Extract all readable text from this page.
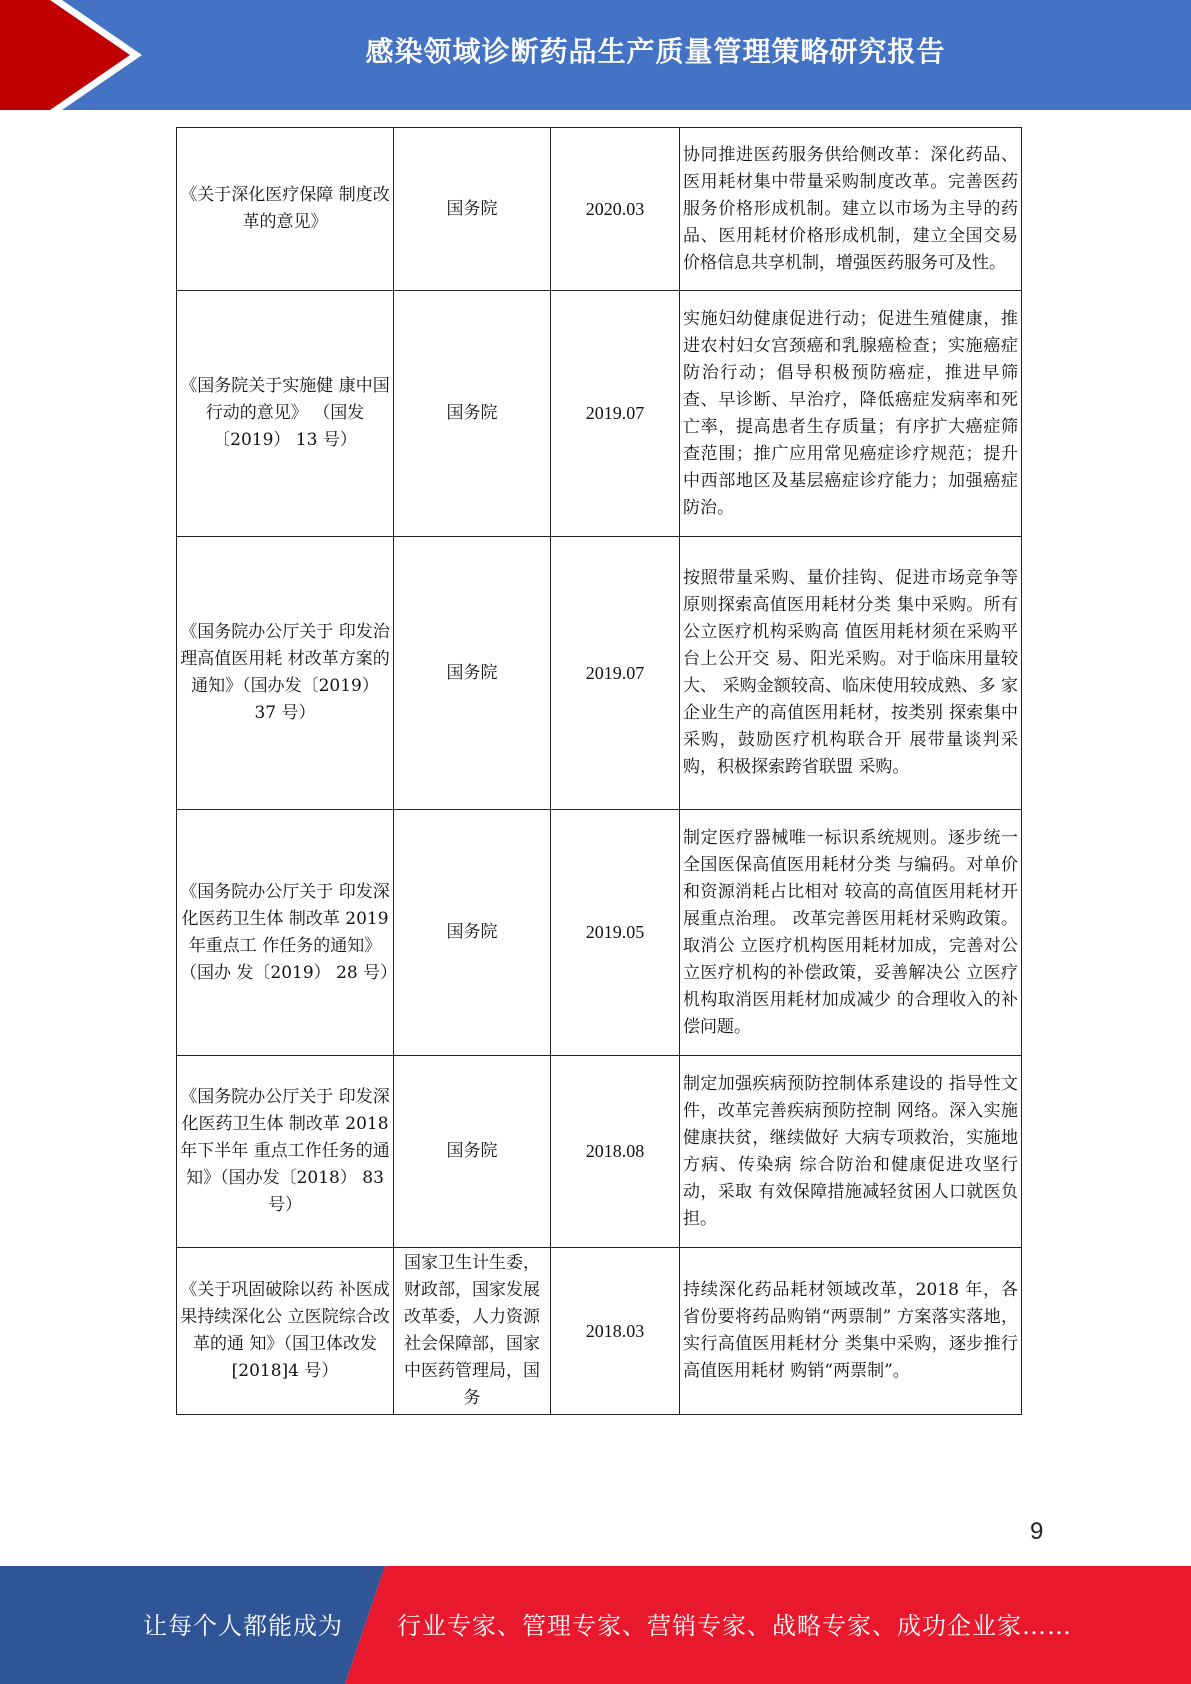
感染领域诊断药品生产质量管理策略研究报告
《关于深化医疗保障 制度改革的意见》	国务院	2020.03	协同推进医药服务供给侧改革：深化药品、医用耗材集中带量采购制度改革。完善医药服务价格形成机制。建立以市场为主导的药品、医用耗材价格形成机制，建立全国交易价格信息共享机制，增强医药服务可及性。
《国务院关于实施健 康中国行动的意见》 （国发〔2019） 13 号）	国务院	2019.07	实施妇幼健康促进行动；促进生殖健康，推进农村妇女宫颈癌和乳腺癌检查；实施癌症防治行动；倡导积极预防癌症，推进早筛查、早诊断、早治疗，降低癌症发病率和死亡率，提高患者生存质量；有序扩大癌症筛查范围；推广应用常见癌症诊疗规范；提升中西部地区及基层癌症诊疗能力；加强癌症防治。
《国务院办公厅关于 印发治理高值医用耗 材改革方案的通知》（国办发〔2019） 37 号）	国务院	2019.07	按照带量采购、量价挂钩、促进市场竞争等原则探索高值医用耗材分类 集中采购。所有公立医疗机构采购高 值医用耗材须在采购平台上公开交 易、阳光采购。对于临床用量较大、 采购金额较高、临床使用较成熟、多 家企业生产的高值医用耗材，按类别 探索集中采购，鼓励医疗机构联合开 展带量谈判采购，积极探索跨省联盟 采购。
《国务院办公厅关于 印发深化医药卫生体 制改革 2019 年重点工 作任务的通知》（国办 发〔2019） 28 号）	国务院	2019.05	制定医疗器械唯一标识系统规则。逐步统一全国医保高值医用耗材分类 与编码。对单价和资源消耗占比相对 较高的高值医用耗材开展重点治理。 改革完善医用耗材采购政策。取消公 立医疗机构医用耗材加成，完善对公 立医疗机构的补偿政策，妥善解决公 立医疗机构取消医用耗材加成减少 的合理收入的补偿问题。
《国务院办公厅关于 印发深化医药卫生体 制改革 2018 年下半年 重点工作任务的通知》（国办发〔2018） 83 号）	国务院	2018.08	制定加强疾病预防控制体系建设的 指导性文件，改革完善疾病预防控制 网络。深入实施健康扶贫，继续做好 大病专项救治，实施地方病、传染病 综合防治和健康促进攻坚行动，采取 有效保障措施减轻贫困人口就医负 担。
《关于巩固破除以药 补医成果持续深化公 立医院综合改革的通 知》（国卫体改发 [2018]4 号）	国家卫生计生委，财政部，国家发展改革委，人力资源社会保障部，国家中医药管理局，国务	2018.03	持续深化药品耗材领域改革，2018 年，各省份要将药品购销“两票制” 方案落实落地，实行高值医用耗材分 类集中采购，逐步推行高值医用耗材 购销“两票制”。
9
让每个人都能成为 行业专家、管理专家、营销专家、战略专家、成功企业家……
